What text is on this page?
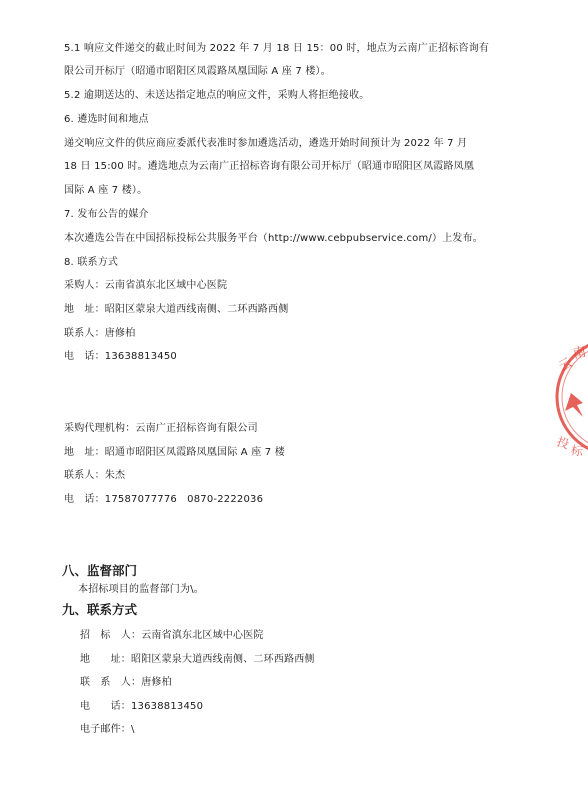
5.1 响应文件递交的截止时间为 2022 年 7 月 18 日 15：00 时，地点为云南广正招标咨询有
限公司开标厅（昭通市昭阳区凤霞路凤凰国际 A 座 7 楼）。
5.2 逾期送达的、未送达指定地点的响应文件，采购人将拒绝接收。
6. 遴选时间和地点
递交响应文件的供应商应委派代表准时参加遴选活动，遴选开始时间预计为 2022 年 7 月
18 日 15:00 时。遴选地点为云南广正招标咨询有限公司开标厅（昭通市昭阳区凤霞路凤凰
国际 A 座 7 楼）。
7. 发布公告的媒介
本次遴选公告在中国招标投标公共服务平台（http://www.cebpubservice.com/）上发布。
8. 联系方式
采购人：云南省滇东北区域中心医院
地　址：昭阳区蒙泉大道西线南侧、二环西路西侧
联系人：唐修柏
电　话：13638813450
采购代理机构：云南广正招标咨询有限公司
地　址：昭通市昭阳区凤霞路凤凰国际 A 座 7 楼
联系人：朱杰
电　话：17587077776　0870-2222036
八、监督部门
本招标项目的监督部门为\。
九、联系方式
招　标　人：云南省滇东北区域中心医院
地　　址：昭阳区蒙泉大道西线南侧、二环西路西侧
联　系　人：唐修柏
电　　话：13638813450
电子邮件：\
云
南
投
标
